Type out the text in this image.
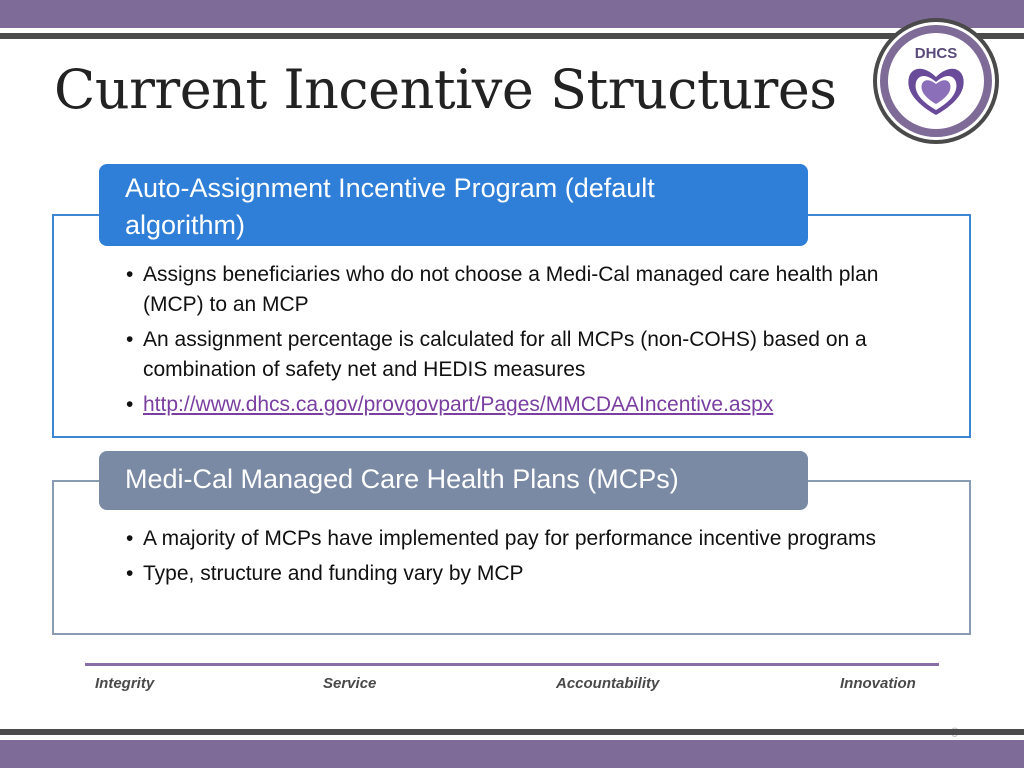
Current Incentive Structures
DHCS
Auto-Assignment Incentive Program (default algorithm)
• Assigns beneficiaries who do not choose a Medi-Cal managed care health plan (MCP) to an MCP
• An assignment percentage is calculated for all MCPs (non-COHS) based on a combination of safety net and HEDIS measures
• http://www.dhcs.ca.gov/provgovpart/Pages/MMCDAAIncentive.aspx
Medi-Cal Managed Care Health Plans (MCPs)
• A majority of MCPs have implemented pay for performance incentive programs
• Type, structure and funding vary by MCP
Integrity	Service	Accountability	Innovation
